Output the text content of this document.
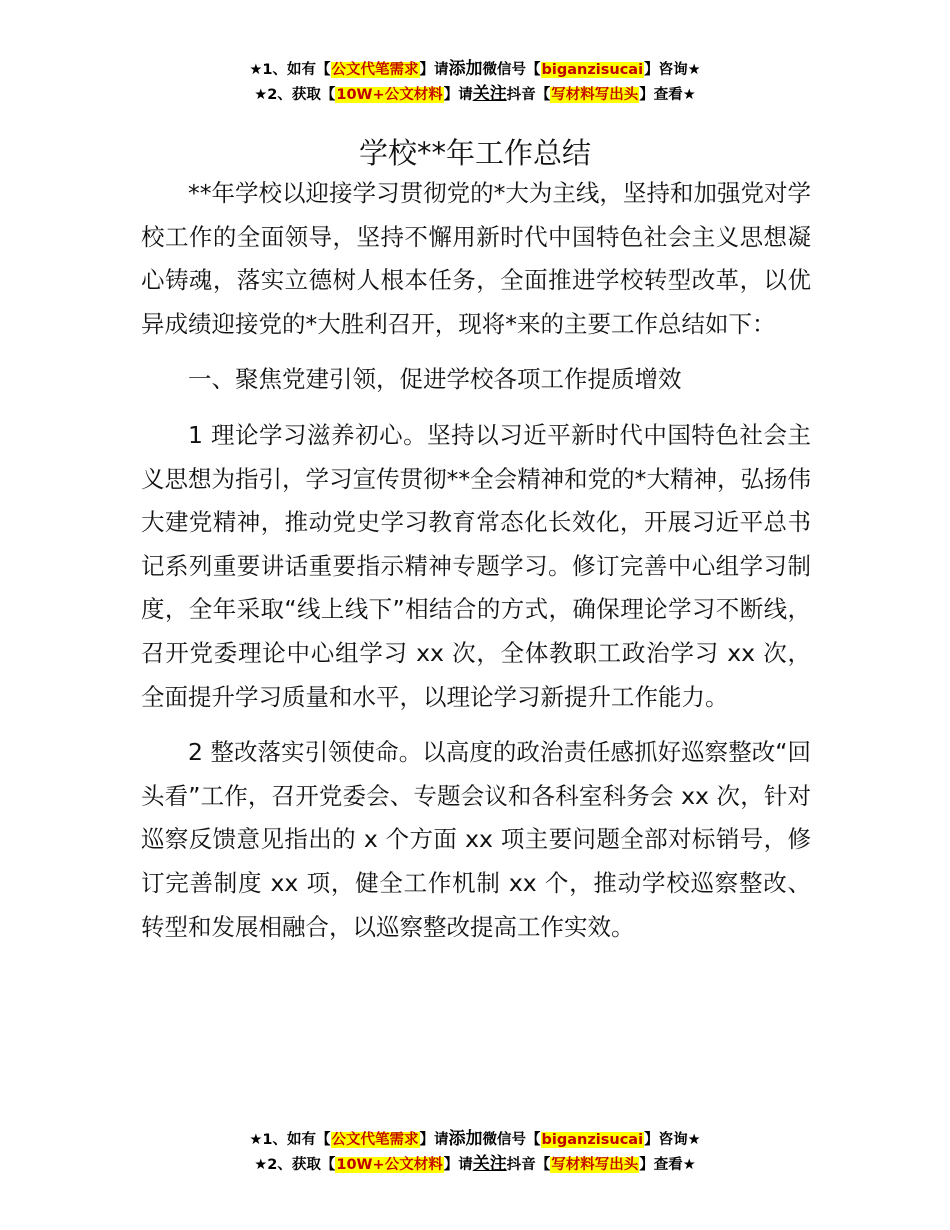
★1、如有【公文代笔需求】请添加微信号【biganzisucai】咨询★
★2、获取【10W+公文材料】请关注抖音【写材料写出头】查看★
学校**年工作总结

**年学校以迎接学习贯彻党的*大为主线，坚持和加强党对学校工作的全面领导，坚持不懈用新时代中国特色社会主义思想凝心铸魂，落实立德树人根本任务，全面推进学校转型改革，以优异成绩迎接党的*大胜利召开，现将*来的主要工作总结如下：

一、聚焦党建引领，促进学校各项工作提质增效

1 理论学习滋养初心。坚持以习近平新时代中国特色社会主义思想为指引，学习宣传贯彻**全会精神和党的*大精神，弘扬伟大建党精神，推动党史学习教育常态化长效化，开展习近平总书记系列重要讲话重要指示精神专题学习。修订完善中心组学习制度，全年采取“线上线下”相结合的方式，确保理论学习不断线，召开党委理论中心组学习 xx 次，全体教职工政治学习 xx 次，全面提升学习质量和水平，以理论学习新提升工作能力。

2 整改落实引领使命。以高度的政治责任感抓好巡察整改“回头看”工作，召开党委会、专题会议和各科室科务会 xx 次，针对巡察反馈意见指出的 x 个方面 xx 项主要问题全部对标销号，修订完善制度 xx 项，健全工作机制 xx 个，推动学校巡察整改、转型和发展相融合，以巡察整改提高工作实效。

★1、如有【公文代笔需求】请添加微信号【biganzisucai】咨询★
★2、获取【10W+公文材料】请关注抖音【写材料写出头】查看★
